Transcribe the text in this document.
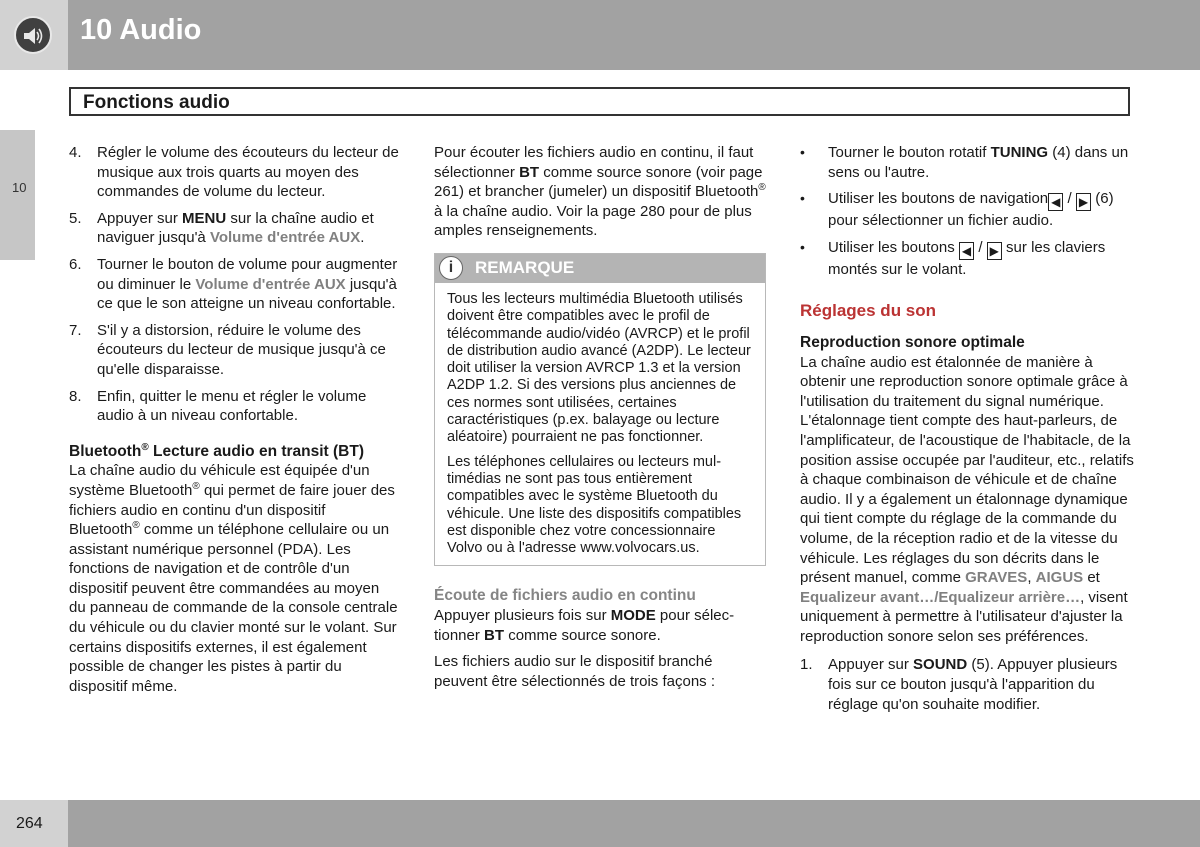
10 Audio
Fonctions audio
10
4. Régler le volume des écouteurs du lecteur de musique aux trois quarts au moyen des commandes de volume du lecteur.
5. Appuyer sur MENU sur la chaîne audio et naviguer jusqu'à Volume d'entrée AUX.
6. Tourner le bouton de volume pour augmenter ou diminuer le Volume d'entrée AUX jusqu'à ce que le son atteigne un niveau confortable.
7. S'il y a distorsion, réduire le volume des écouteurs du lecteur de musique jusqu'à ce qu'elle disparaisse.
8. Enfin, quitter le menu et régler le volume audio à un niveau confortable.

Bluetooth® Lecture audio en transit (BT)

La chaîne audio du véhicule est équipée d'un système Bluetooth® qui permet de faire jouer des fichiers audio en continu d'un dispositif Bluetooth® comme un téléphone cellulaire ou un assistant numérique personnel (PDA). Les fonctions de navigation et de contrôle d'un dispositif peuvent être commandées au moyen du panneau de commande de la console centrale du véhicule ou du clavier monté sur le volant. Sur certains dispositifs externes, il est également possible de changer les pistes à partir du dispositif même.

Pour écouter les fichiers audio en continu, il faut sélectionner BT comme source sonore (voir page 261) et brancher (jumeler) un dispositif Bluetooth® à la chaîne audio. Voir la page 280 pour de plus amples renseignements.

i	REMARQUE

Tous les lecteurs multimédia Bluetooth utilisés doivent être compatibles avec le profil de télécommande audio/vidéo (AVRCP) et le profil de distribution audio avancé (A2DP). Le lecteur doit utiliser la version AVRCP 1.3 et la version A2DP 1.2. Si des versions plus anciennes de ces normes sont utilisées, certaines caractéristiques (p.ex. balayage ou lecture aléatoire) pourraient ne pas fonctionner.

Les téléphones cellulaires ou lecteurs multimédias ne sont pas tous entièrement compatibles avec le système Bluetooth du véhicule. Une liste des dispositifs compatibles est disponible chez votre concessionnaire Volvo ou à l'adresse www.volvocars.us.

Écoute de fichiers audio en continu

Appuyer plusieurs fois sur MODE pour sélectionner BT comme source sonore.

Les fichiers audio sur le dispositif branché peuvent être sélectionnés de trois façons :

• Tourner le bouton rotatif TUNING (4) dans un sens ou l'autre.
• Utiliser les boutons de navigation ◀ / ▶ (6) pour sélectionner un fichier audio.
• Utiliser les boutons ◀ / ▶ sur les claviers montés sur le volant.

Réglages du son

Reproduction sonore optimale

La chaîne audio est étalonnée de manière à obtenir une reproduction sonore optimale grâce à l'utilisation du traitement du signal numérique. L'étalonnage tient compte des haut-parleurs, de l'amplificateur, de l'acoustique de l'habitacle, de la position assise occupée par l'auditeur, etc., relatifs à chaque combinaison de véhicule et de chaîne audio. Il y a également un étalonnage dynamique qui tient compte du réglage de la commande du volume, de la réception radio et de la vitesse du véhicule. Les réglages du son décrits dans le présent manuel, comme GRAVES, AIGUS et Equalizeur avant…/Equalizeur arrière…, visent uniquement à permettre à l'utilisateur d'ajuster la reproduction sonore selon ses préférences.

1. Appuyer sur SOUND (5). Appuyer plusieurs fois sur ce bouton jusqu'à l'apparition du réglage qu'on souhaite modifier.
264
